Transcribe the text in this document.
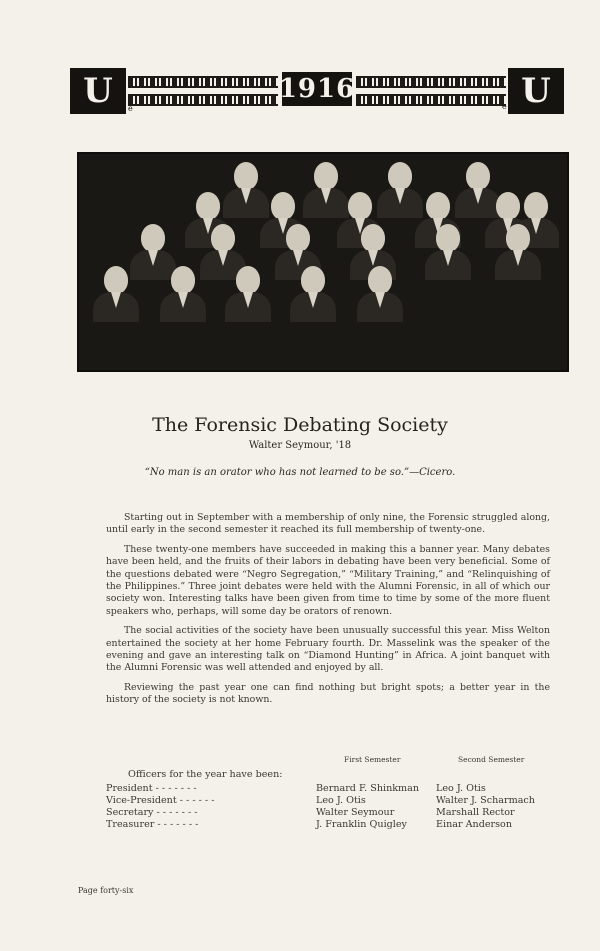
U	1916	U
e	e
The Forensic Debating Society
Walter Seymour, '18
“No man is an orator who has not learned to be so.”—Cicero.

Starting out in September with a membership of only nine, the Forensic struggled along, until early in the second semester it reached its full membership of twenty-one.

These twenty-one members have succeeded in making this a banner year. Many debates have been held, and the fruits of their labors in debating have been very beneficial. Some of the questions debated were “Negro Segregation,” “Military Training,” and “Relinquishing of the Philippines.” Three joint debates were held with the Alumni Forensic, in all of which our society won. Interesting talks have been given from time to time by some of the more fluent speakers who, perhaps, will some day be orators of renown.

The social activities of the society have been unusually successful this year. Miss Welton entertained the society at her home February fourth. Dr. Masselink was the speaker of the evening and gave an interesting talk on “Diamond Hunting” in Africa. A joint banquet with the Alumni Forensic was well attended and enjoyed by all.

Reviewing the past year one can find nothing but bright spots; a better year in the history of the society is not known.

Officers for the year have been:
First Semester	Second Semester

President - - - - - - -	Bernard F. Shinkman	Leo J. Otis
Vice-President - - - - - -	Leo J. Otis	Walter J. Scharmach
Secretary - - - - - - -	Walter Seymour	Marshall Rector
Treasurer - - - - - - -	J. Franklin Quigley	Einar Anderson
Page forty-six
